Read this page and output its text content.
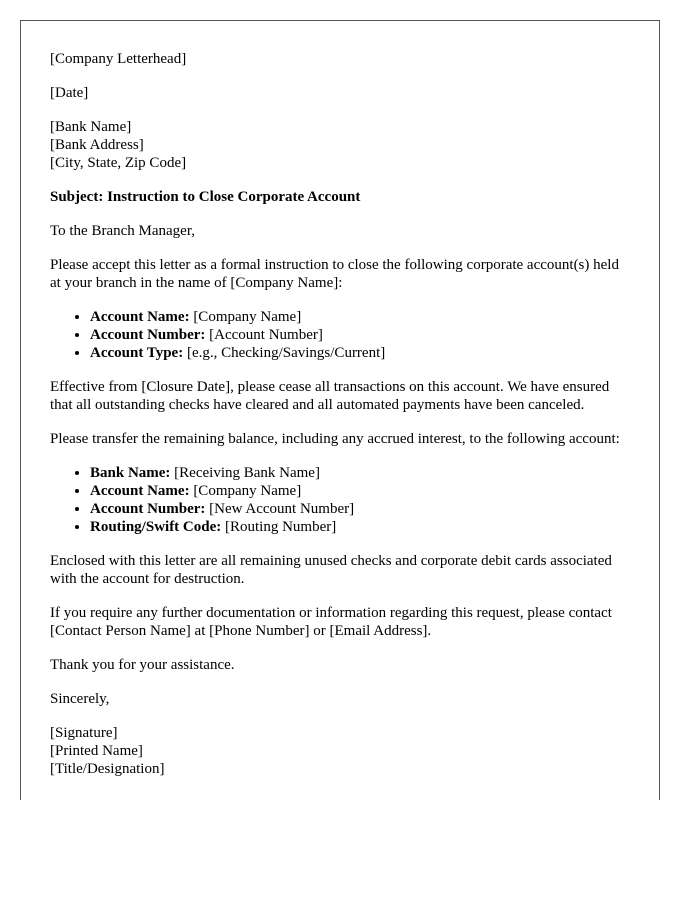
[Company Letterhead]

[Date]

[Bank Name]
[Bank Address]
[City, State, Zip Code]

Subject: Instruction to Close Corporate Account

To the Branch Manager,

Please accept this letter as a formal instruction to close the following corporate account(s) held at your branch in the name of [Company Name]:

• Account Name: [Company Name]
• Account Number: [Account Number]
• Account Type: [e.g., Checking/Savings/Current]

Effective from [Closure Date], please cease all transactions on this account. We have ensured that all outstanding checks have cleared and all automated payments have been canceled.

Please transfer the remaining balance, including any accrued interest, to the following account:

• Bank Name: [Receiving Bank Name]
• Account Name: [Company Name]
• Account Number: [New Account Number]
• Routing/Swift Code: [Routing Number]

Enclosed with this letter are all remaining unused checks and corporate debit cards associated with the account for destruction.

If you require any further documentation or information regarding this request, please contact [Contact Person Name] at [Phone Number] or [Email Address].

Thank you for your assistance.

Sincerely,

[Signature]
[Printed Name]
[Title/Designation]
